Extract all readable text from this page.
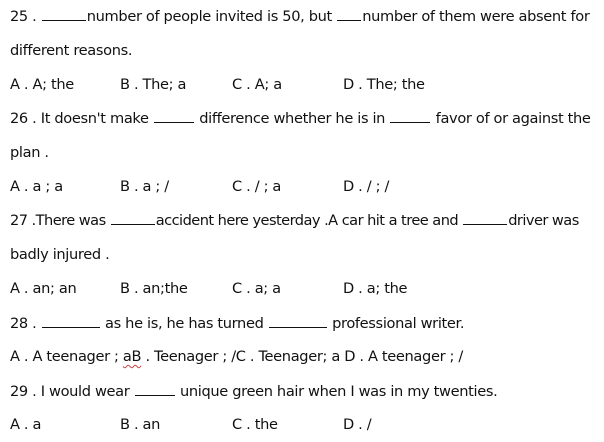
25 .	number of people invited is 50, but number of them were absent for
different reasons.
A . A; the	B . The; a	C . A; a	D . The; the
26 . It doesn't make	difference whether he is in	favor of or against the
plan .
A . a ; a	B . a ; /	C . / ; a	D . / ; /
27 .There was	accident here yesterday .A car hit a tree and	driver was
badly injured .
A . an; an	B . an;the	C . a; a	D . a; the
28 .	as he is, he has turned	professional writer.
A . A teenager ; aB . Teenager ; /C . Teenager; a D . A teenager ; /
29 . I would wear	unique green hair when I was in my twenties.
A . a	B . an	C . the	D . /
